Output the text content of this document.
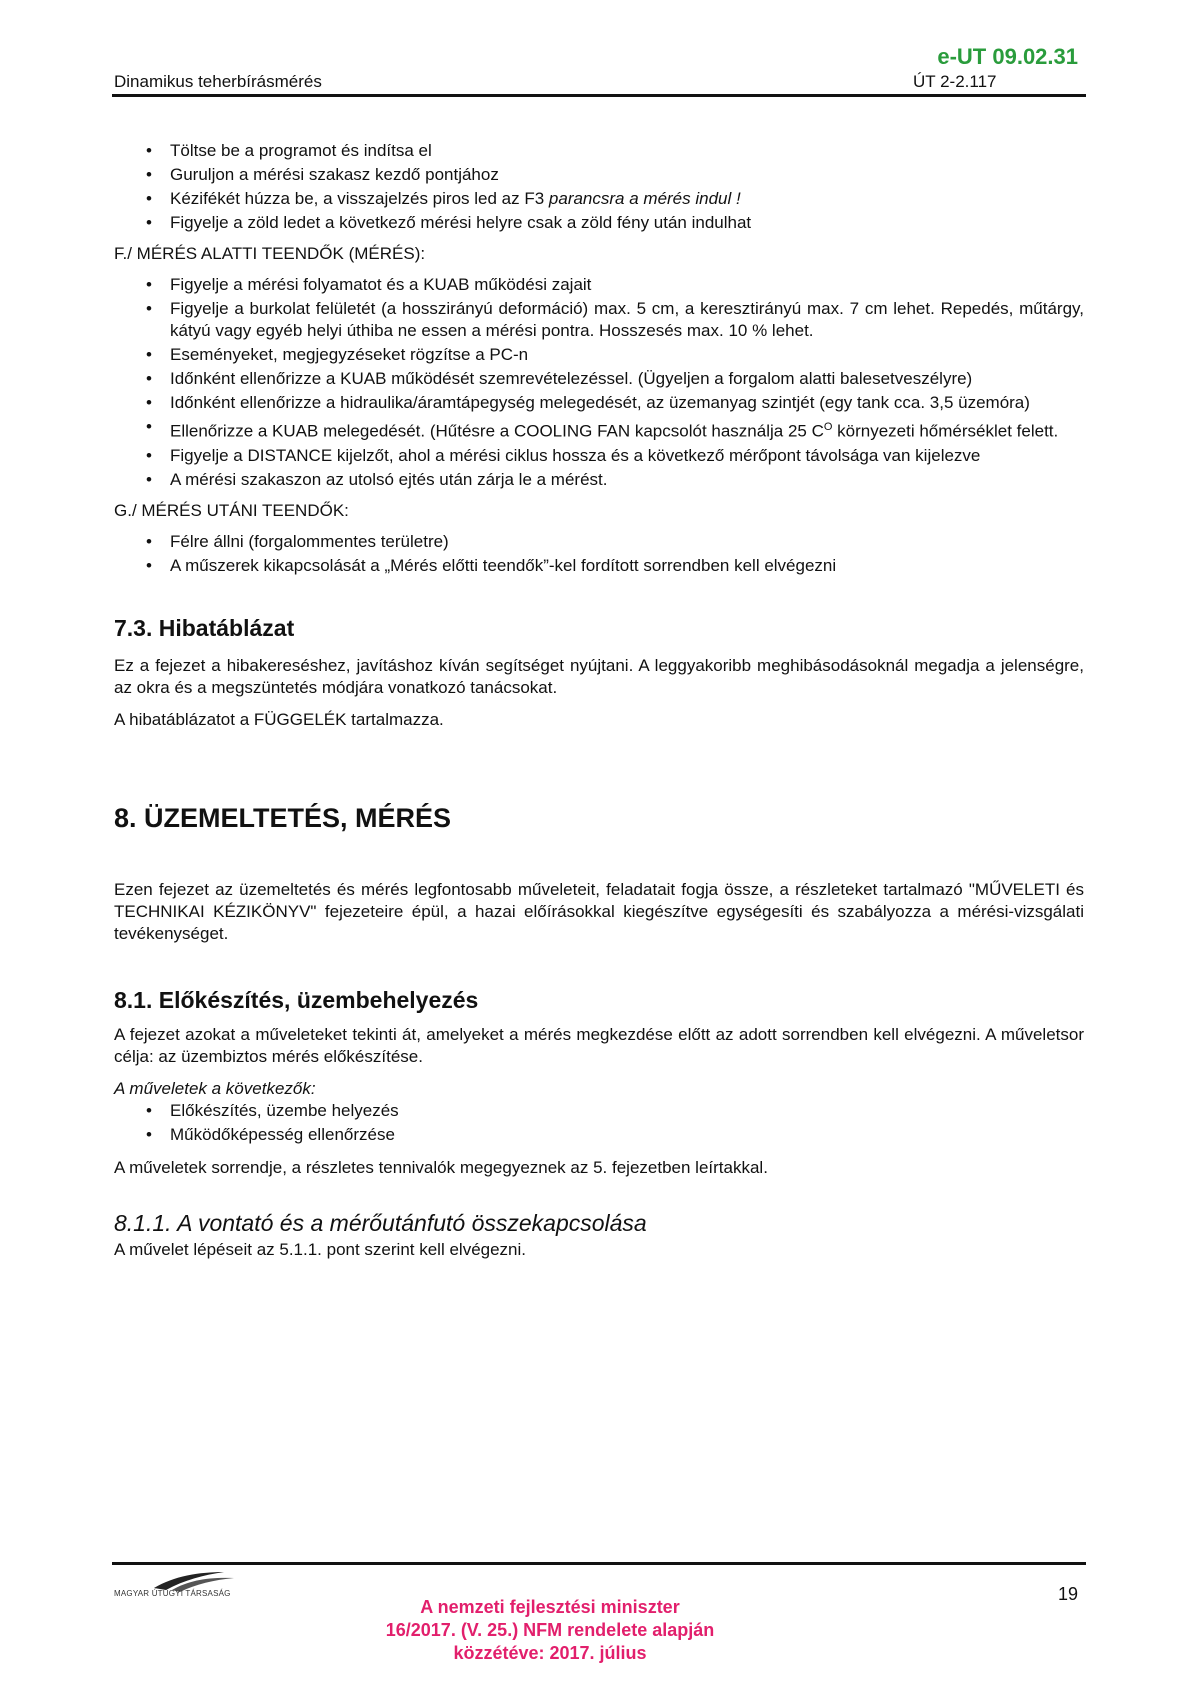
e-UT 09.02.31
Dinamikus teherbírásmérés	ÚT 2-2.117
• Töltse be a programot és indítsa el
• Guruljon a mérési szakasz kezdő pontjához
• Kézifékét húzza be, a visszajelzés piros led az F3 parancsra a mérés indul !
• Figyelje a zöld ledet a következő mérési helyre csak a zöld fény után indulhat
F./ MÉRÉS ALATTI TEENDŐK (MÉRÉS):
• Figyelje a mérési folyamatot és a KUAB működési zajait
• Figyelje a burkolat felületét (a hosszirányú deformáció) max. 5 cm, a keresztirányú max. 7 cm lehet. Repedés, műtárgy, kátyú vagy egyéb helyi úthiba ne essen a mérési pontra. Hosszesés max. 10 % lehet.
• Eseményeket, megjegyzéseket rögzítse a PC-n
• Időnként ellenőrizze a KUAB működését szemrevételezéssel. (Ügyeljen a forgalom alatti balesetveszélyre)
• Időnként ellenőrizze a hidraulika/áramtápegység melegedését, az üzemanyag szintjét (egy tank cca. 3,5 üzemóra)
• Ellenőrizze a KUAB melegedését. (Hűtésre a COOLING FAN kapcsolót használja 25 $C^O$ környezeti hőmérséklet felett.
• Figyelje a DISTANCE kijelzőt, ahol a mérési ciklus hossza és a következő mérőpont távolsága van kijelezve
• A mérési szakaszon az utolsó ejtés után zárja le a mérést.
G./ MÉRÉS UTÁNI TEENDŐK:
• Félre állni (forgalommentes területre)
• A műszerek kikapcsolását a „Mérés előtti teendők”-kel fordított sorrendben kell elvégezni
7.3. Hibatáblázat

Ez a fejezet a hibakereséshez, javításhoz kíván segítséget nyújtani. A leggyakoribb meghibásodásoknál megadja a jelenségre, az okra és a megszüntetés módjára vonatkozó tanácsokat.

A hibatáblázatot a FÜGGELÉK tartalmazza.

8. ÜZEMELTETÉS, MÉRÉS

Ezen fejezet az üzemeltetés és mérés legfontosabb műveleteit, feladatait fogja össze, a részleteket tartalmazó "MŰVELETI és TECHNIKAI KÉZIKÖNYV" fejezeteire épül, a hazai előírásokkal kiegészítve egységesíti és szabályozza a mérési-vizsgálati tevékenységet.

8.1. Előkészítés, üzembehelyezés

A fejezet azokat a műveleteket tekinti át, amelyeket a mérés megkezdése előtt az adott sorrendben kell elvégezni. A műveletsor célja: az üzembiztos mérés előkészítése.

A műveletek a következők:

• Előkészítés, üzembe helyezés
• Működőképesség ellenőrzése

A műveletek sorrendje, a részletes tennivalók megegyeznek az 5. fejezetben leírtakkal.

8.1.1. A vontató és a mérőutánfutó összekapcsolása

A művelet lépéseit az 5.1.1. pont szerint kell elvégezni.

MAGYAR ÚTÜGYI TÁRSASÁG
A nemzeti fejlesztési miniszter
16/2017. (V. 25.) NFM rendelete alapján
közzétéve: 2017. július
19
